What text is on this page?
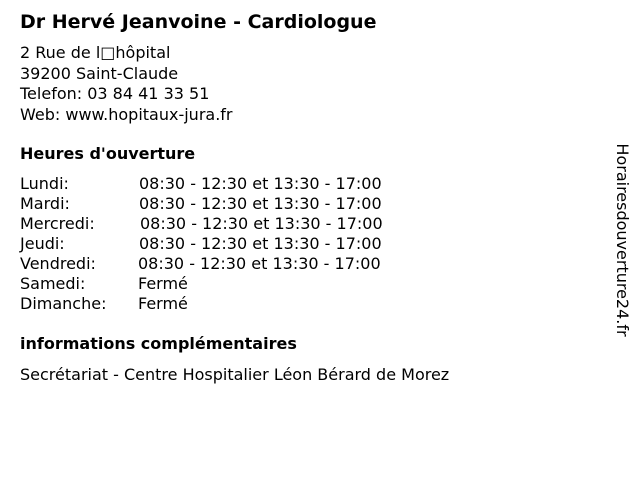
Dr Hervé Jeanvoine - Cardiologue
2 Rue de l□hôpital
39200 Saint-Claude
Telefon: 03 84 41 33 51
Web: www.hopitaux-jura.fr
Heures d'ouverture
Lundi:	08:30 - 12:30 et 13:30 - 17:00
Mardi:	08:30 - 12:30 et 13:30 - 17:00
Mercredi:	08:30 - 12:30 et 13:30 - 17:00
Jeudi:	08:30 - 12:30 et 13:30 - 17:00
Vendredi:	08:30 - 12:30 et 13:30 - 17:00
Samedi:	Fermé
Dimanche: Fermé
informations complémentaires
Secrétariat - Centre Hospitalier Léon Bérard de Morez
Horairesdouverture24.fr
